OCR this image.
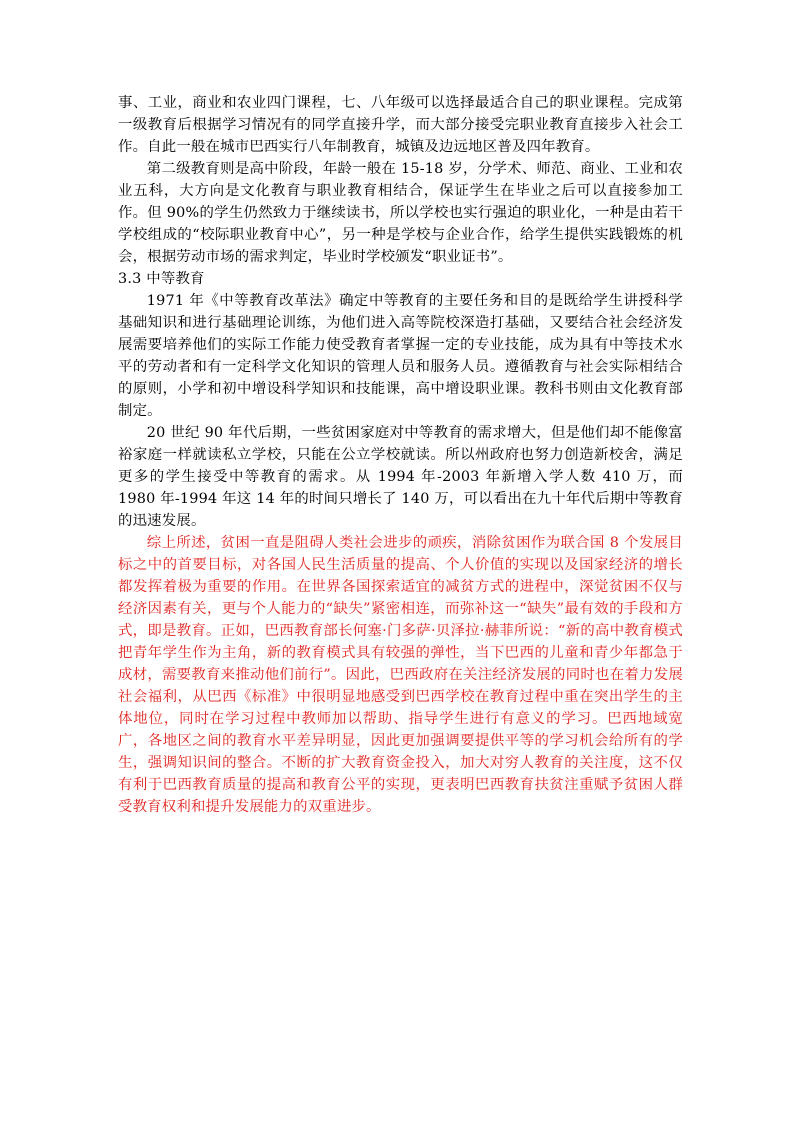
事、工业，商业和农业四门课程，七、八年级可以选择最适合自己的职业课程。完成第一级教育后根据学习情况有的同学直接升学，而大部分接受完职业教育直接步入社会工作。自此一般在城市巴西实行八年制教育，城镇及边远地区普及四年教育。

第二级教育则是高中阶段，年龄一般在 15-18 岁，分学术、师范、商业、工业和农业五科，大方向是文化教育与职业教育相结合，保证学生在毕业之后可以直接参加工作。但 90%的学生仍然致力于继续读书，所以学校也实行强迫的职业化，一种是由若干学校组成的“校际职业教育中心”，另一种是学校与企业合作，给学生提供实践锻炼的机会，根据劳动市场的需求判定，毕业时学校颁发“职业证书”。

3.3 中等教育

1971 年《中等教育改革法》确定中等教育的主要任务和目的是既给学生讲授科学基础知识和进行基础理论训练，为他们进入高等院校深造打基础，又要结合社会经济发展需要培养他们的实际工作能力使受教育者掌握一定的专业技能，成为具有中等技术水平的劳动者和有一定科学文化知识的管理人员和服务人员。遵循教育与社会实际相结合的原则，小学和初中增设科学知识和技能课，高中增设职业课。教科书则由文化教育部制定。

20 世纪 90 年代后期，一些贫困家庭对中等教育的需求增大，但是他们却不能像富裕家庭一样就读私立学校，只能在公立学校就读。所以州政府也努力创造新校舍，满足更多的学生接受中等教育的需求。从 1994 年-2003 年新增入学人数 410 万，而 1980 年-1994 年这 14 年的时间只增长了 140 万，可以看出在九十年代后期中等教育的迅速发展。

综上所述，贫困一直是阻碍人类社会进步的顽疾，消除贫困作为联合国 8 个发展目标之中的首要目标，对各国人民生活质量的提高、个人价值的实现以及国家经济的增长都发挥着极为重要的作用。在世界各国探索适宜的减贫方式的进程中，深觉贫困不仅与经济因素有关，更与个人能力的“缺失”紧密相连，而弥补这一“缺失”最有效的手段和方式，即是教育。正如，巴西教育部长何塞·门多萨·贝泽拉·赫菲所说：“新的高中教育模式把青年学生作为主角，新的教育模式具有较强的弹性，当下巴西的儿童和青少年都急于成材，需要教育来推动他们前行”。因此，巴西政府在关注经济发展的同时也在着力发展社会福利，从巴西《标准》中很明显地感受到巴西学校在教育过程中重在突出学生的主体地位，同时在学习过程中教师加以帮助、指导学生进行有意义的学习。巴西地域宽广，各地区之间的教育水平差异明显，因此更加强调要提供平等的学习机会给所有的学生，强调知识间的整合。不断的扩大教育资金投入，加大对穷人教育的关注度，这不仅有利于巴西教育质量的提高和教育公平的实现，更表明巴西教育扶贫注重赋予贫困人群受教育权利和提升发展能力的双重进步。
